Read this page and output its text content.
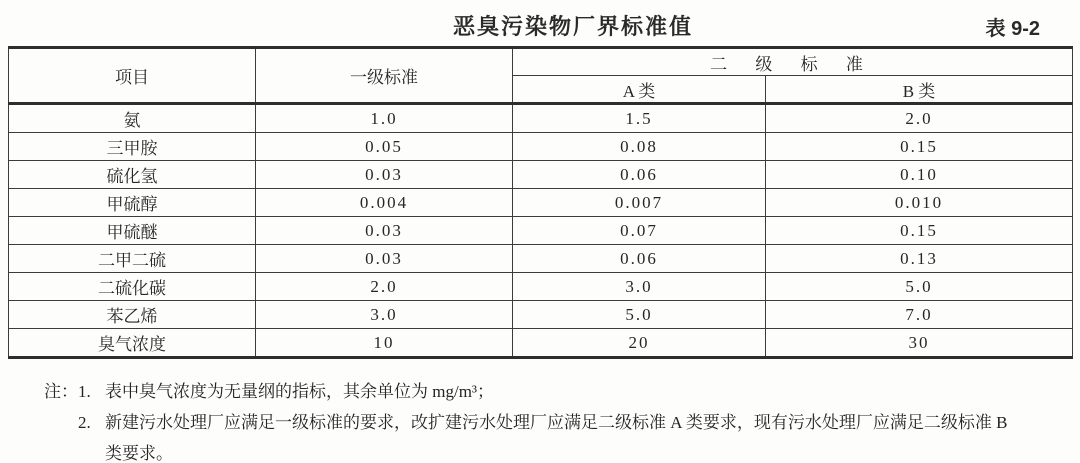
恶臭污染物厂界标准值	表 9-2
项目	一级标准	二 级 标 准	
		A 类	B 类
氨	1.0	1.5	2.0
三甲胺	0.05	0.08	0.15
硫化氢	0.03	0.06	0.10
甲硫醇	0.004	0.007	0.010
甲硫醚	0.03	0.07	0.15
二甲二硫	0.03	0.06	0.13
二硫化碳	2.0	3.0	5.0
苯乙烯	3.0	5.0	7.0
臭气浓度	10	20	30
注： 1. 表中臭气浓度为无量纲的指标，其余单位为 mg/m³；
2. 新建污水处理厂应满足一级标准的要求，改扩建污水处理厂应满足二级标准 A 类要求，现有污水处理厂应满足二级标准 B 类要求。
